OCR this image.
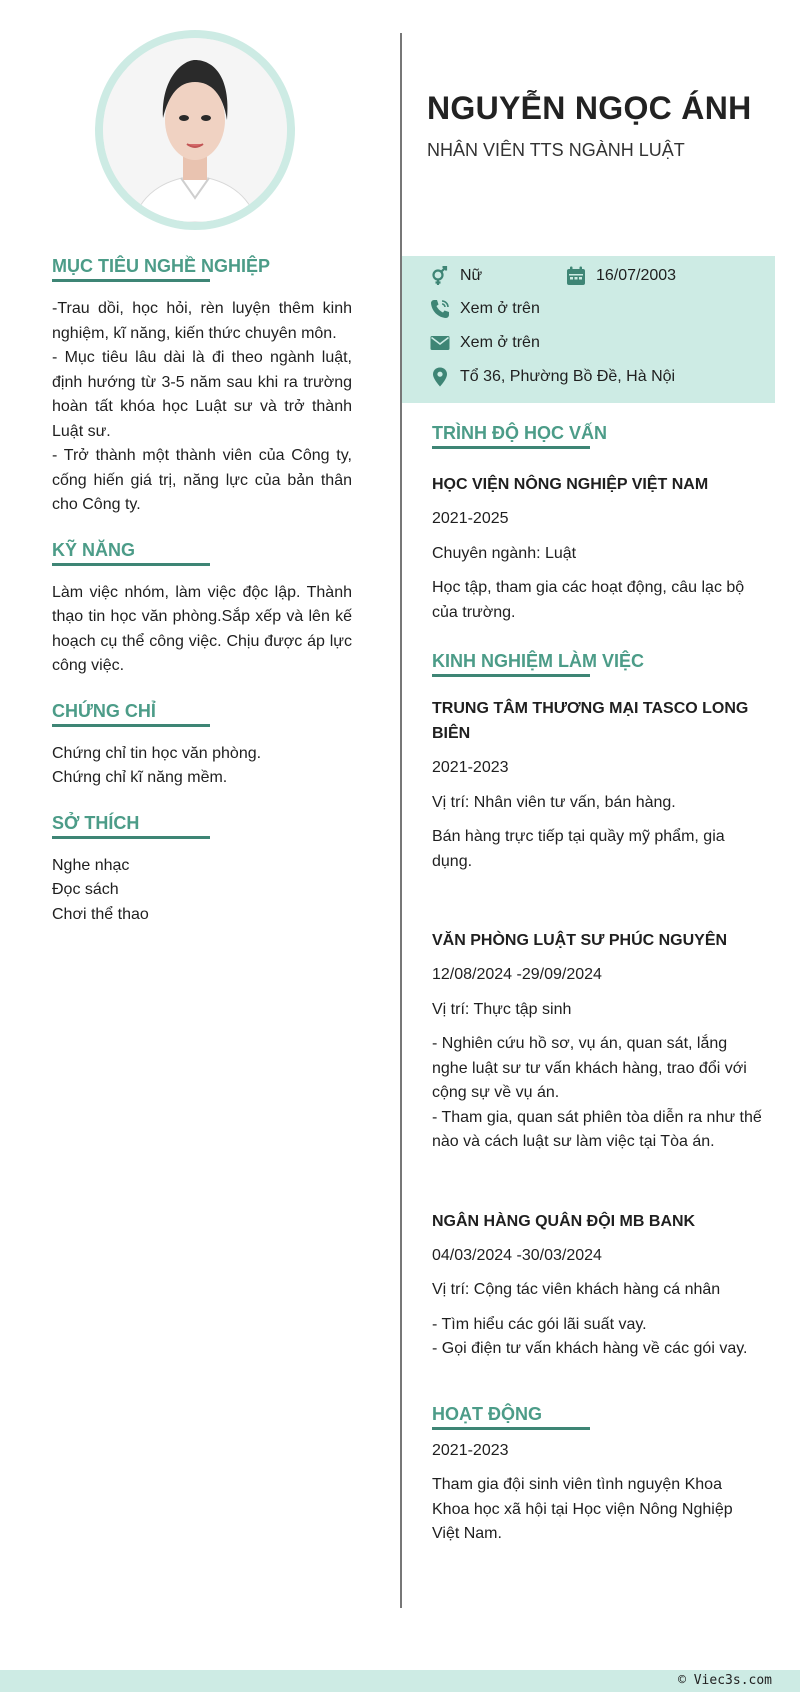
MỤC TIÊU NGHỀ NGHIỆP

-Trau dồi, học hỏi, rèn luyện thêm kinh nghiệm, kĩ năng, kiến thức chuyên môn.
- Mục tiêu lâu dài là đi theo ngành luật, định hướng từ 3-5 năm sau khi ra trường hoàn tất khóa học Luật sư và trở thành Luật sư.
- Trở thành một thành viên của Công ty, cống hiến giá trị, năng lực của bản thân cho Công ty.

KỸ NĂNG

Làm việc nhóm, làm việc độc lập. Thành thạo tin học văn phòng.Sắp xếp và lên kế hoạch cụ thể công việc. Chịu được áp lực công việc.

CHỨNG CHỈ
Chứng chỉ tin học văn phòng.
Chứng chỉ kĩ năng mềm.
SỞ THÍCH
Nghe nhạc
Đọc sách
Chơi thể thao
NGUYỄN NGỌC ÁNH

NHÂN VIÊN TTS NGÀNH LUẬT

Nữ	16/07/2003
Xem ở trên
Xem ở trên
Tổ 36, Phường Bồ Đề, Hà Nội
TRÌNH ĐỘ HỌC VẤN

HỌC VIỆN NÔNG NGHIỆP VIỆT NAM

2021-2025

Chuyên ngành: Luật

Học tập, tham gia các hoạt động, câu lạc bộ của trường.

KINH NGHIỆM LÀM VIỆC

TRUNG TÂM THƯƠNG MẠI TASCO LONG BIÊN

2021-2023

Vị trí: Nhân viên tư vấn, bán hàng.

Bán hàng trực tiếp tại quầy mỹ phẩm, gia dụng.

VĂN PHÒNG LUẬT SƯ PHÚC NGUYÊN

12/08/2024 -29/09/2024

Vị trí: Thực tập sinh

- Nghiên cứu hồ sơ, vụ án, quan sát, lắng nghe luật sư tư vấn khách hàng, trao đổi với cộng sự về vụ án.
- Tham gia, quan sát phiên tòa diễn ra như thế nào và cách luật sư làm việc tại Tòa án.

NGÂN HÀNG QUÂN ĐỘI MB BANK

04/03/2024 -30/03/2024

Vị trí: Cộng tác viên khách hàng cá nhân

- Tìm hiểu các gói lãi suất vay.
- Gọi điện tư vấn khách hàng về các gói vay.

HOẠT ĐỘNG

2021-2023

Tham gia đội sinh viên tình nguyện Khoa Khoa học xã hội tại Học viện Nông Nghiệp Việt Nam.

© Viec3s.com
